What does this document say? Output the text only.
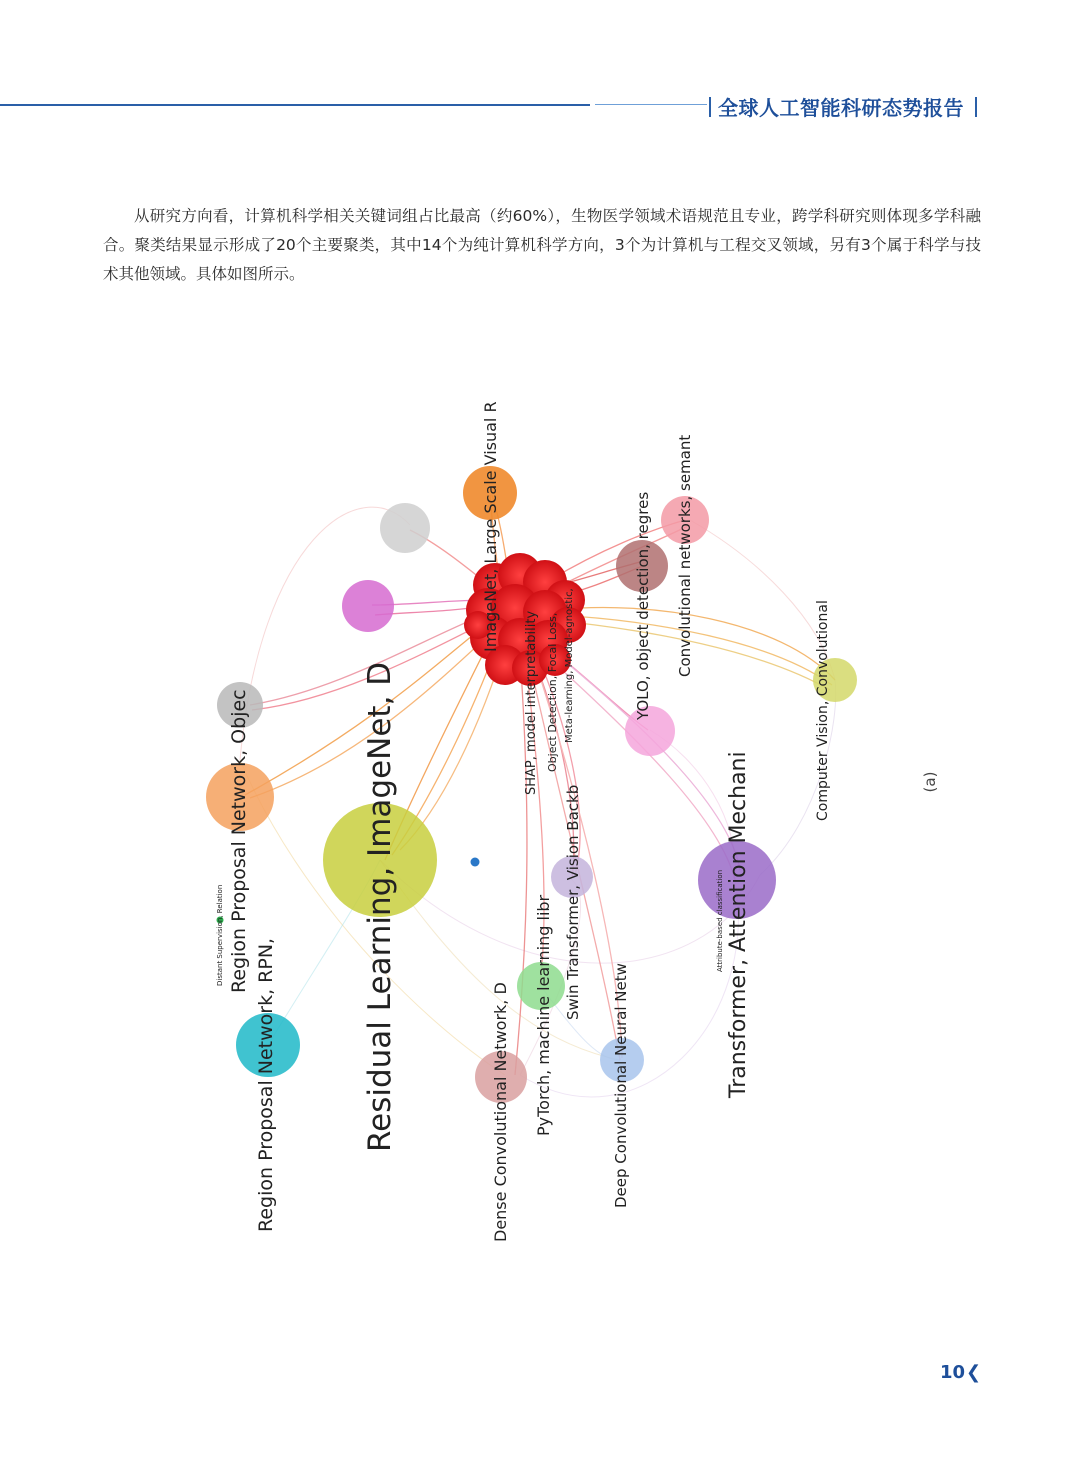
全球人工智能科研态势报告
从研究方向看，计算机科学相关关键词组占比最高（约60%），生物医学领域术语规范且专业，跨学科研究则体现多学科融合。聚类结果显示形成了20个主要聚类，其中14个为纯计算机科学方向，3个为计算机与工程交叉领域，另有3个属于科学与技术其他领域。具体如图所示。
Residual Learning, ImageNet, D
Region Proposal Network, RPN,
Region Proposal Network, Objec
Distant Supervision, Relation
ImageNet, Large Scale Visual R
SHAP, model interpretability Object Detection, Focal Loss, Meta-learning, Model-agnostic,	YOLO, object detection, regres Convolutional networks, semant
Computer Vision, Convolutional
Transformer, Attention Mechani
Attribute-based classification
Swin Transformer, Vision Backb
PyTorch, machine learning libr
Dense Convolutional Network, D	Deep Convolutional Neural Netw
(a)
10 ❮
